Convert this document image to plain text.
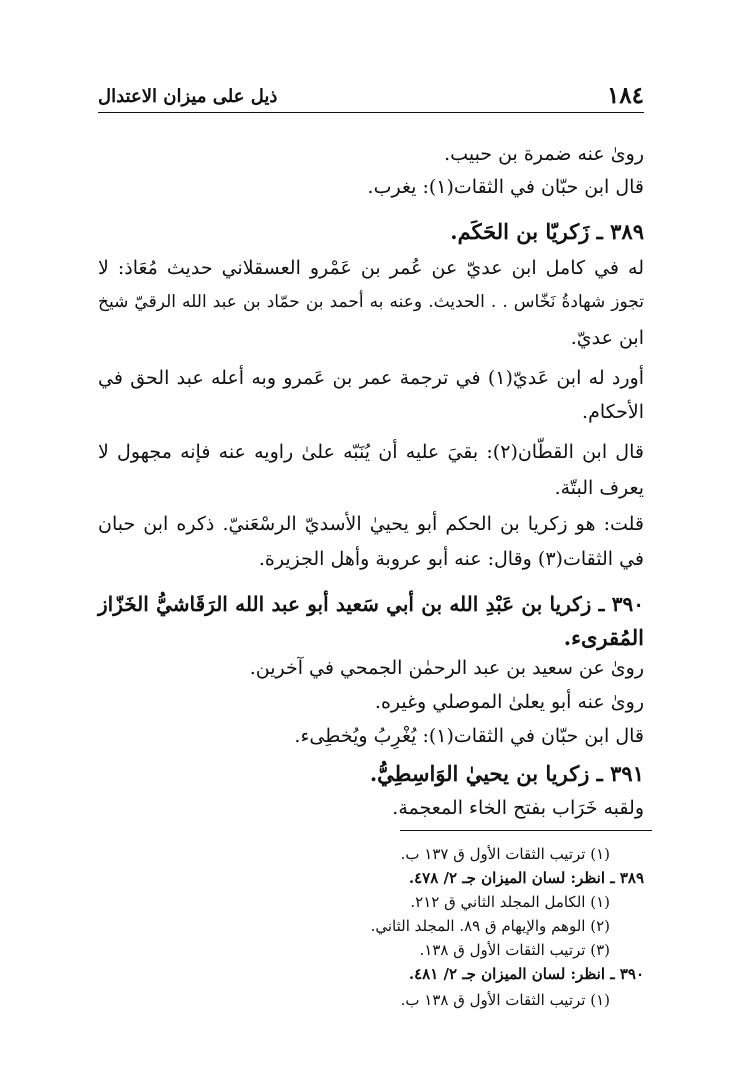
١٨٤
ذيل على ميزان الاعتدال
رویٰ عنه ضمرة بن حبيب.
قال ابن حبّان في الثقات(١): يغرب.
٣٨٩ ـ زَكريّا بن الحَكَم.
له في كامل ابن عديّ عن عُمر بن عَمْرو العسقلاني حديث مُعَاذ: لا
تجوز شهادةُ نَخّاس . . الحديث. وعنه به أحمد بن حمّاد بن عبد الله الرقيّ شيخ
ابن عديّ.
أورد له ابن عَديّ(١) في ترجمة عمر بن عَمرو وبه أعله عبد الحق في
الأحكام.
قال ابن القطّان(٢): بقيَ عليه أن يُنَبّه علىٰ راويه عنه فإنه مجهول لا
يعرف البتّة.
قلت: هو زكريا بن الحكم أبو يحييٰ الأسديّ الرسْعَنيّ. ذكره ابن حبان
في الثقات(٣) وقال: عنه أبو عروبة وأهل الجزيرة.
٣٩٠ ـ زكريا بن عَبْدِ الله بن أبي سَعيد أبو عبد الله الرَقَاشيُّ الخَزّاز
المُقرىء.
رویٰ عن سعيد بن عبد الرحمٰن الجمحي في آخرين.
رویٰ عنه أبو يعلىٰ الموصلي وغيره.
قال ابن حبّان في الثقات(١): يُغْرِبُ ويُخطِىء.
٣٩١ ـ زكريا بن يحييٰ الوَاسِطِيُّ.
ولقبه خَرَاب بفتح الخاء المعجمة.
(١) ترتيب الثقات الأول ق ١٣٧ ب.
٣٨٩ ـ انظر: لسان الميزان جـ ٢/ ٤٧٨.
(١) الكامل المجلد الثاني ق ٢١٢.
(٢) الوهم والإيهام ق ٨٩. المجلد الثاني.
(٣) ترتيب الثقات الأول ق ١٣٨.
٣٩٠ ـ انظر: لسان الميزان جـ ٢/ ٤٨١.
(١) ترتيب الثقات الأول ق ١٣٨ ب.
